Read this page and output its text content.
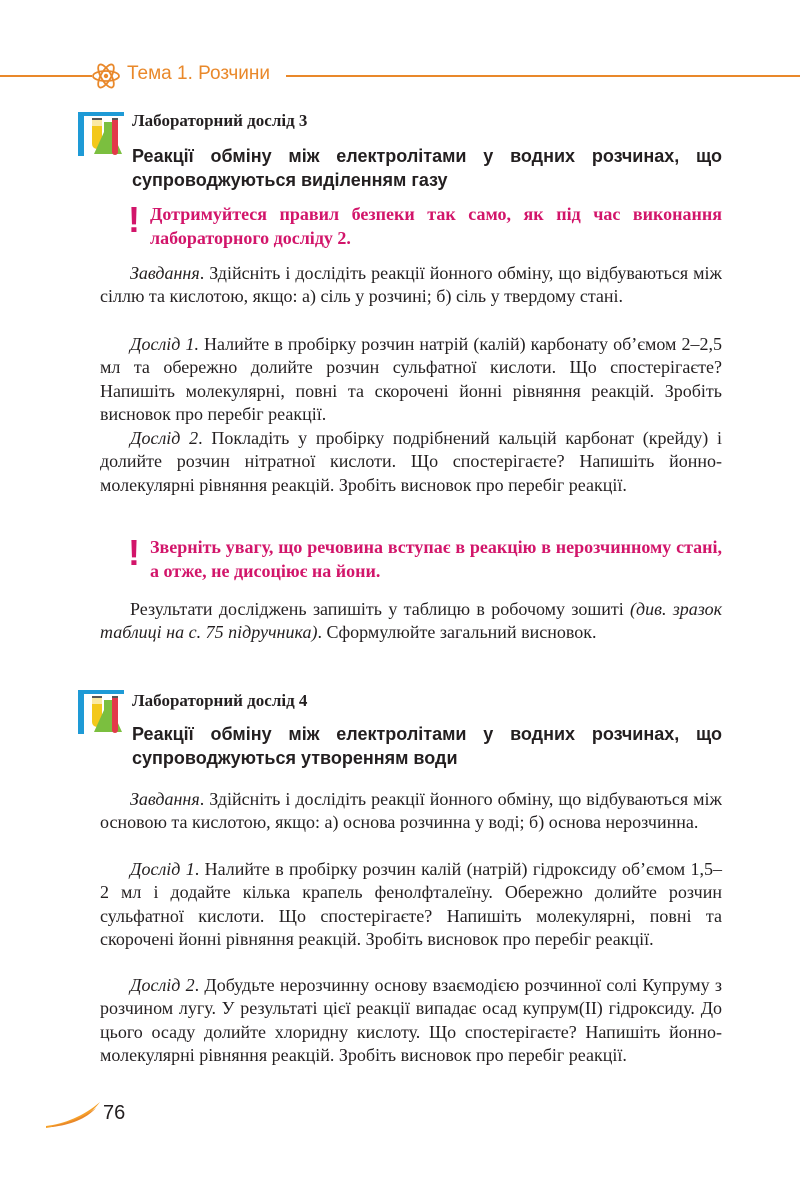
Тема 1. Розчини
Лабораторний дослід 3
Реакції обміну між електролітами у водних розчинах, що супроводжуються виділенням газу
! Дотримуйтеся правил безпеки так само, як під час виконання лабораторного досліду 2.

Завдання. Здійсніть і дослідіть реакції йонного обміну, що відбуваються між сіллю та кислотою, якщо: а) сіль у розчині; б) сіль у твердому стані.

Дослід 1. Налийте в пробірку розчин натрій (калій) карбонату об’ємом 2–2,5 мл та обережно долийте розчин сульфатної кислоти. Що спостерігаєте? Напишіть молекулярні, повні та скорочені йонні рівняння реакцій. Зробіть висновок про перебіг реакції.

Дослід 2. Покладіть у пробірку подрібнений кальцій карбонат (крейду) і долийте розчин нітратної кислоти. Що спостерігаєте? Напишіть йонно-молекулярні рівняння реакцій. Зробіть висновок про перебіг реакції.

! Зверніть увагу, що речовина вступає в реакцію в нерозчинному стані, а отже, не дисоціює на йони.

Результати досліджень запишіть у таблицю в робочому зошиті (див. зразок таблиці на с. 75 підручника). Сформулюйте загальний висновок.

Лабораторний дослід 4
Реакції обміну між електролітами у водних розчинах, що супроводжуються утворенням води

Завдання. Здійсніть і дослідіть реакції йонного обміну, що відбуваються між основою та кислотою, якщо: а) основа розчинна у воді; б) основа нерозчинна.

Дослід 1. Налийте в пробірку розчин калій (натрій) гідроксиду об’ємом 1,5–2 мл і додайте кілька крапель фенолфталеїну. Обережно долийте розчин сульфатної кислоти. Що спостерігаєте? Напишіть молекулярні, повні та скорочені йонні рівняння реакцій. Зробіть висновок про перебіг реакції.

Дослід 2. Добудьте нерозчинну основу взаємодією розчинної солі Купруму з розчином лугу. У результаті цієї реакції випадає осад купрум(II) гідроксиду. До цього осаду долийте хлоридну кислоту. Що спостерігаєте? Напишіть йонно-молекулярні рівняння реакцій. Зробіть висновок про перебіг реакції.

76
